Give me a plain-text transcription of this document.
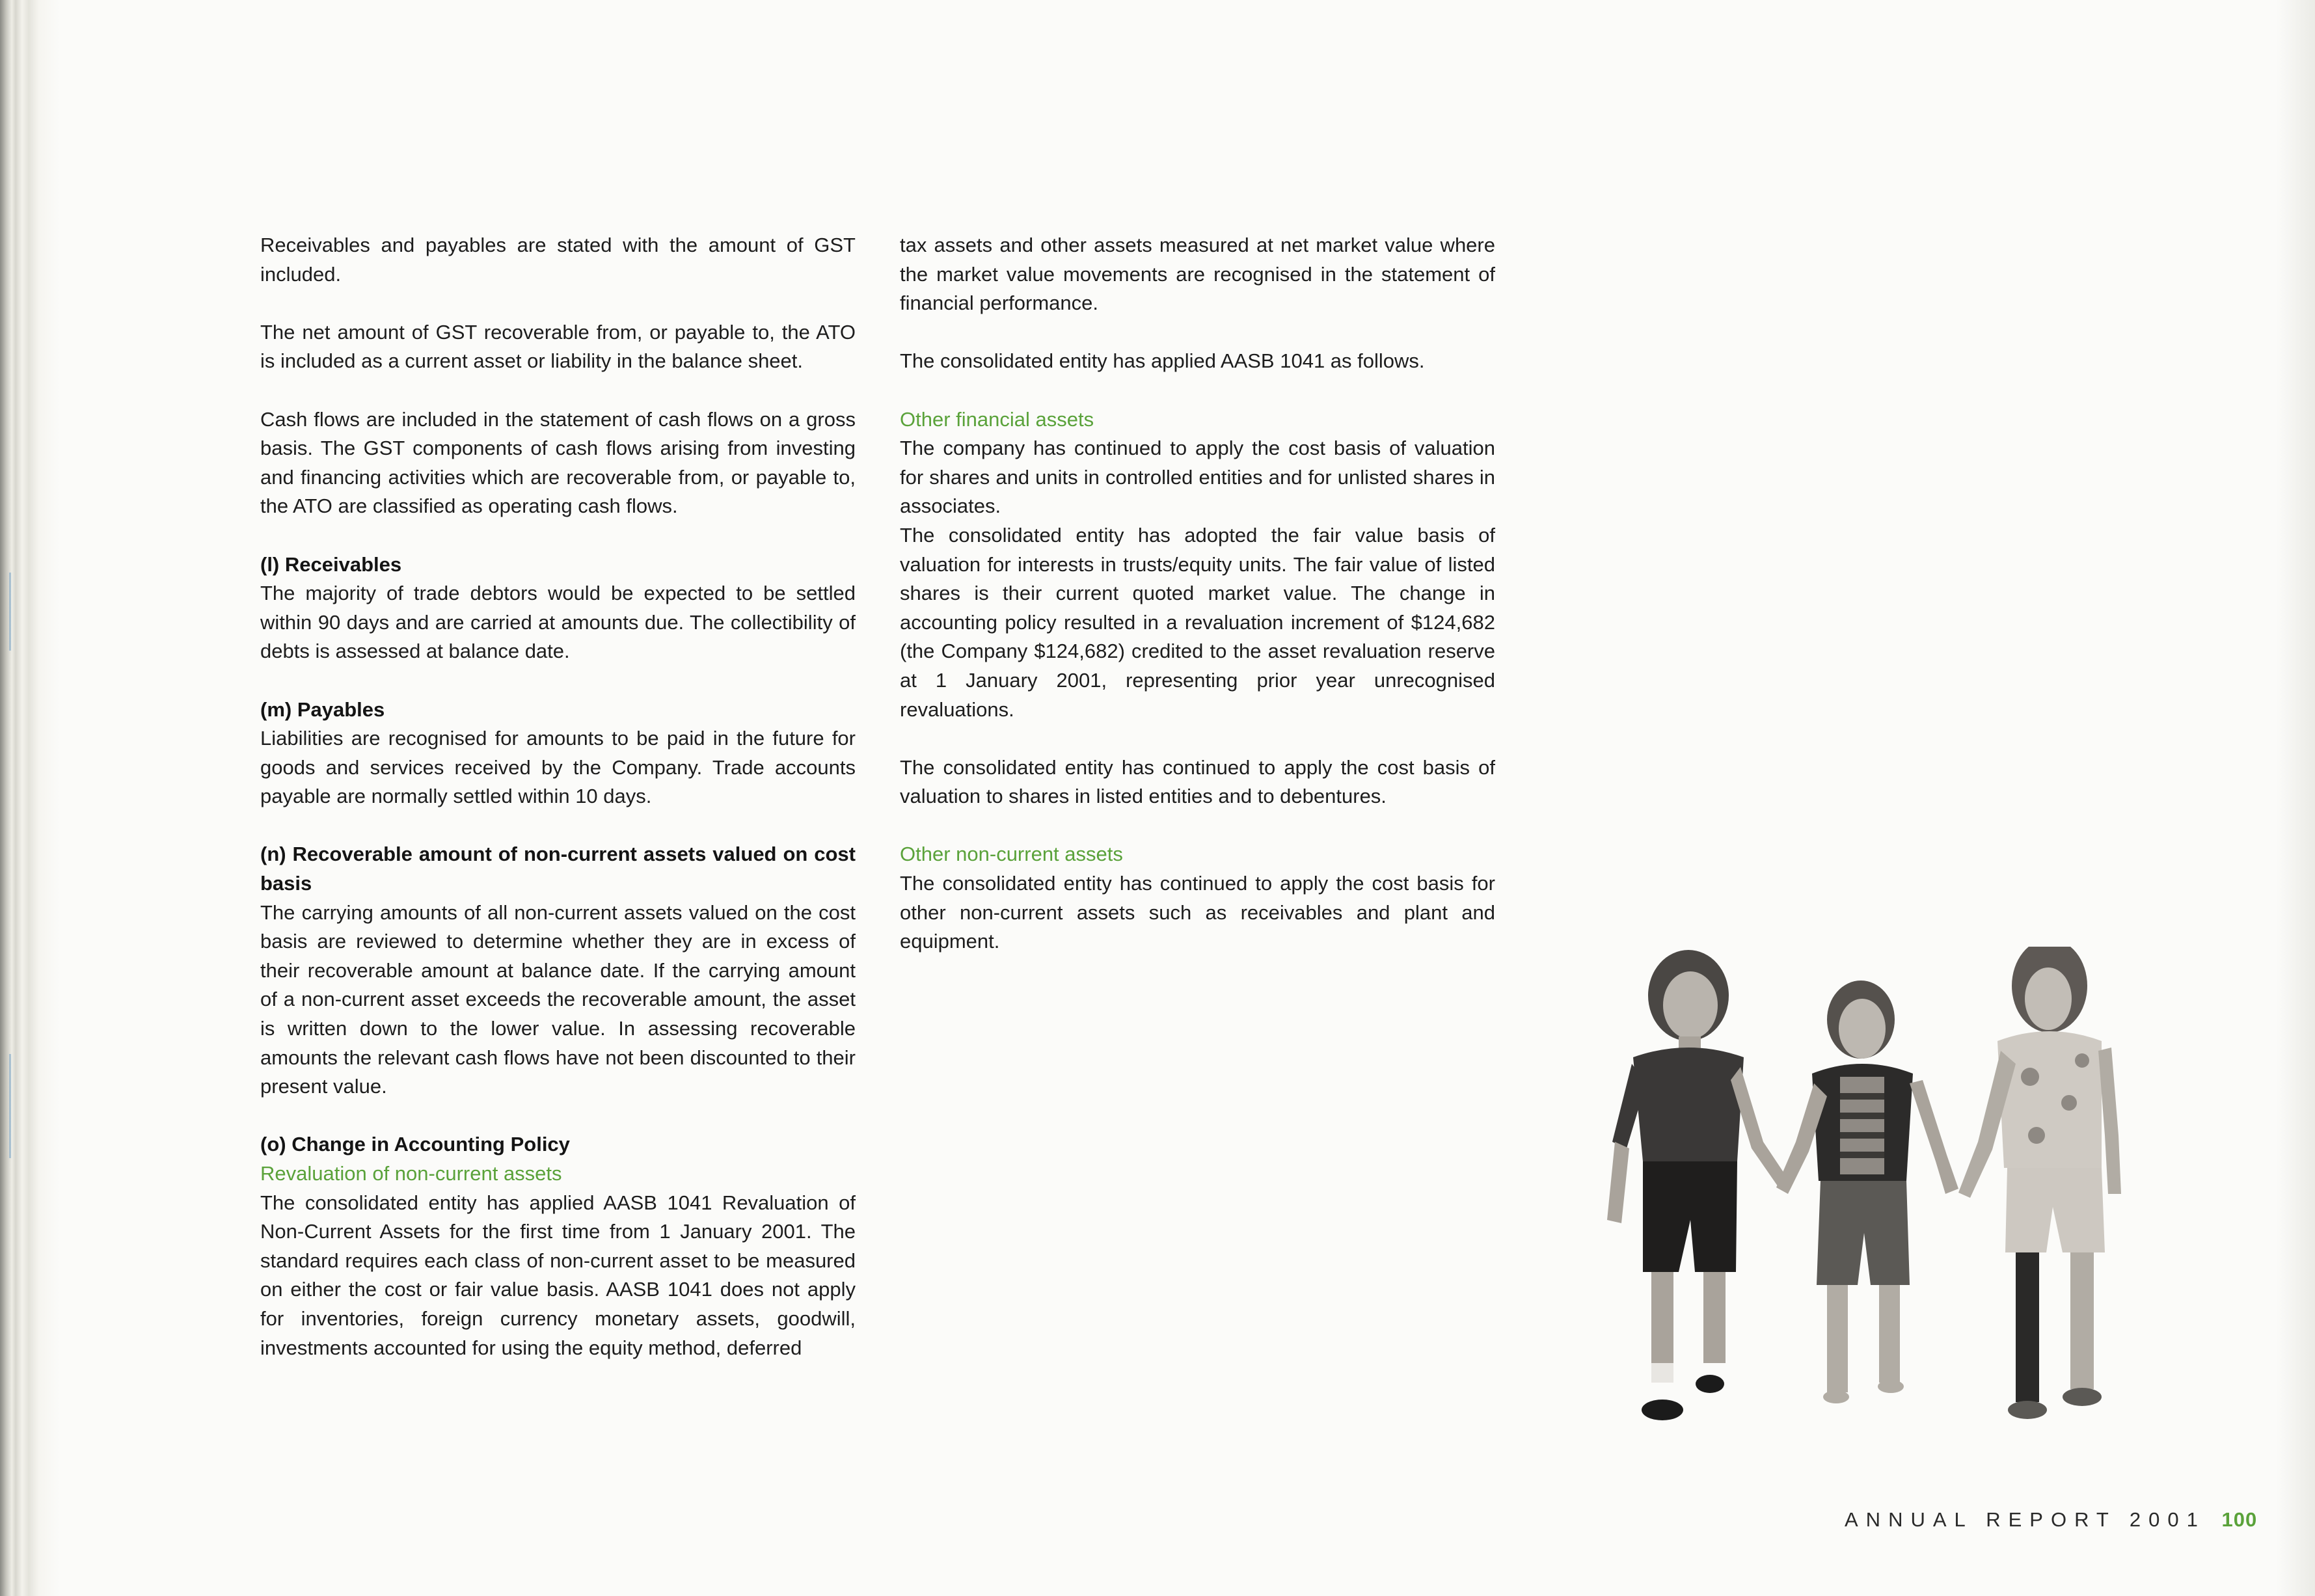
Receivables and payables are stated with the amount of GST included.

The net amount of GST recoverable from, or payable to, the ATO is included as a current asset or liability in the balance sheet.

Cash flows are included in the statement of cash flows on a gross basis. The GST components of cash flows arising from investing and financing activities which are recoverable from, or payable to, the ATO are classified as operating cash flows.

(l) Receivables

The majority of trade debtors would be expected to be settled within 90 days and are carried at amounts due. The collectibility of debts is assessed at balance date.

(m) Payables

Liabilities are recognised for amounts to be paid in the future for goods and services received by the Company. Trade accounts payable are normally settled within 10 days.

(n) Recoverable amount of non-current assets valued on cost basis

The carrying amounts of all non-current assets valued on the cost basis are reviewed to determine whether they are in excess of their recoverable amount at balance date. If the carrying amount of a non-current asset exceeds the recoverable amount, the asset is written down to the lower value. In assessing recoverable amounts the relevant cash flows have not been discounted to their present value.

(o) Change in Accounting Policy

Revaluation of non-current assets

The consolidated entity has applied AASB 1041 Revaluation of Non-Current Assets for the first time from 1 January 2001. The standard requires each class of non-current asset to be measured on either the cost or fair value basis. AASB 1041 does not apply for inventories, foreign currency monetary assets, goodwill, investments accounted for using the equity method, deferred

tax assets and other assets measured at net market value where the market value movements are recognised in the statement of financial performance.

The consolidated entity has applied AASB 1041 as follows.

Other financial assets

The company has continued to apply the cost basis of valuation for shares and units in controlled entities and for unlisted shares in associates.

The consolidated entity has adopted the fair value basis of valuation for interests in trusts/equity units. The fair value of listed shares is their current quoted market value. The change in accounting policy resulted in a revaluation increment of $124,682 (the Company $124,682) credited to the asset revaluation reserve at 1 January 2001, representing prior year unrecognised revaluations.

The consolidated entity has continued to apply the cost basis of valuation to shares in listed entities and to debentures.

Other non-current assets

The consolidated entity has continued to apply the cost basis for other non-current assets such as receivables and plant and equipment.

ANNUAL REPORT 2001 100
